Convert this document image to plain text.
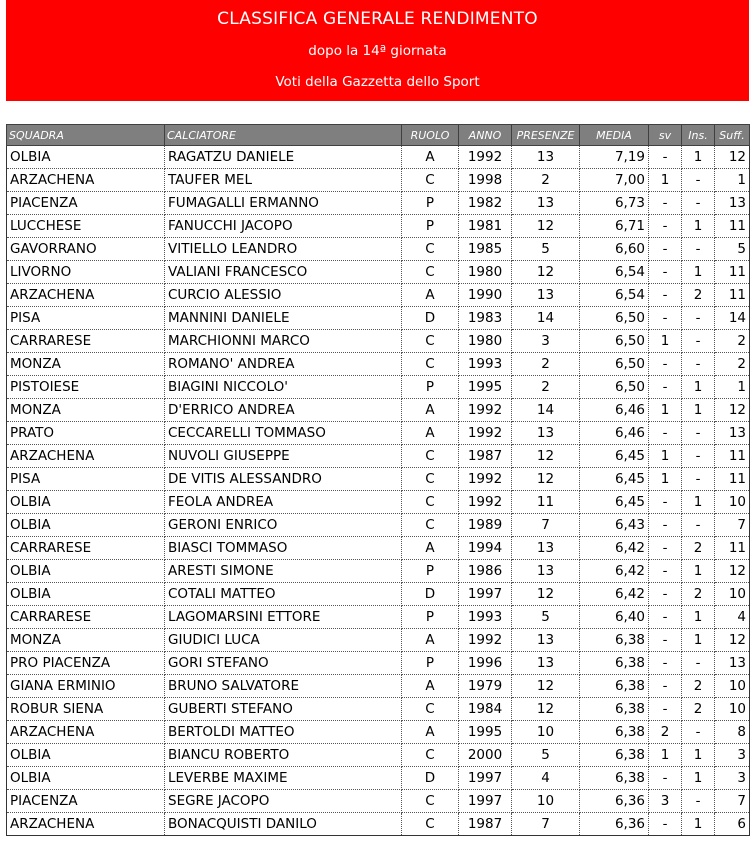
CLASSIFICA GENERALE RENDIMENTO
dopo la 14ª giornata
Voti della Gazzetta dello Sport
SQUADRA	CALCIATORE	RUOLO	ANNO	PRESENZE	MEDIA	sv	Ins.	Suff.
OLBIA	RAGATZU DANIELE	A	1992	13	7,19	-	1	12
ARZACHENA	TAUFER MEL	C	1998	2	7,00	1	-	1
PIACENZA	FUMAGALLI ERMANNO	P	1982	13	6,73	-	-	13
LUCCHESE	FANUCCHI JACOPO	P	1981	12	6,71	-	1	11
GAVORRANO	VITIELLO LEANDRO	C	1985	5	6,60	-	-	5
LIVORNO	VALIANI FRANCESCO	C	1980	12	6,54	-	1	11
ARZACHENA	CURCIO ALESSIO	A	1990	13	6,54	-	2	11
PISA	MANNINI DANIELE	D	1983	14	6,50	-	-	14
CARRARESE	MARCHIONNI MARCO	C	1980	3	6,50	1	-	2
MONZA	ROMANO' ANDREA	C	1993	2	6,50	-	-	2
PISTOIESE	BIAGINI NICCOLO'	P	1995	2	6,50	-	1	1
MONZA	D'ERRICO ANDREA	A	1992	14	6,46	1	1	12
PRATO	CECCARELLI TOMMASO	A	1992	13	6,46	-	-	13
ARZACHENA	NUVOLI GIUSEPPE	C	1987	12	6,45	1	-	11
PISA	DE VITIS ALESSANDRO	C	1992	12	6,45	1	-	11
OLBIA	FEOLA ANDREA	C	1992	11	6,45	-	1	10
OLBIA	GERONI ENRICO	C	1989	7	6,43	-	-	7
CARRARESE	BIASCI TOMMASO	A	1994	13	6,42	-	2	11
OLBIA	ARESTI SIMONE	P	1986	13	6,42	-	1	12
OLBIA	COTALI MATTEO	D	1997	12	6,42	-	2	10
CARRARESE	LAGOMARSINI ETTORE	P	1993	5	6,40	-	1	4
MONZA	GIUDICI LUCA	A	1992	13	6,38	-	1	12
PRO PIACENZA	GORI STEFANO	P	1996	13	6,38	-	-	13
GIANA ERMINIO	BRUNO SALVATORE	A	1979	12	6,38	-	2	10
ROBUR SIENA	GUBERTI STEFANO	C	1984	12	6,38	-	2	10
ARZACHENA	BERTOLDI MATTEO	A	1995	10	6,38	2	-	8
OLBIA	BIANCU ROBERTO	C	2000	5	6,38	1	1	3
OLBIA	LEVERBE MAXIME	D	1997	4	6,38	-	1	3
PIACENZA	SEGRE JACOPO	C	1997	10	6,36	3	-	7
ARZACHENA	BONACQUISTI DANILO	C	1987	7	6,36	-	1	6
